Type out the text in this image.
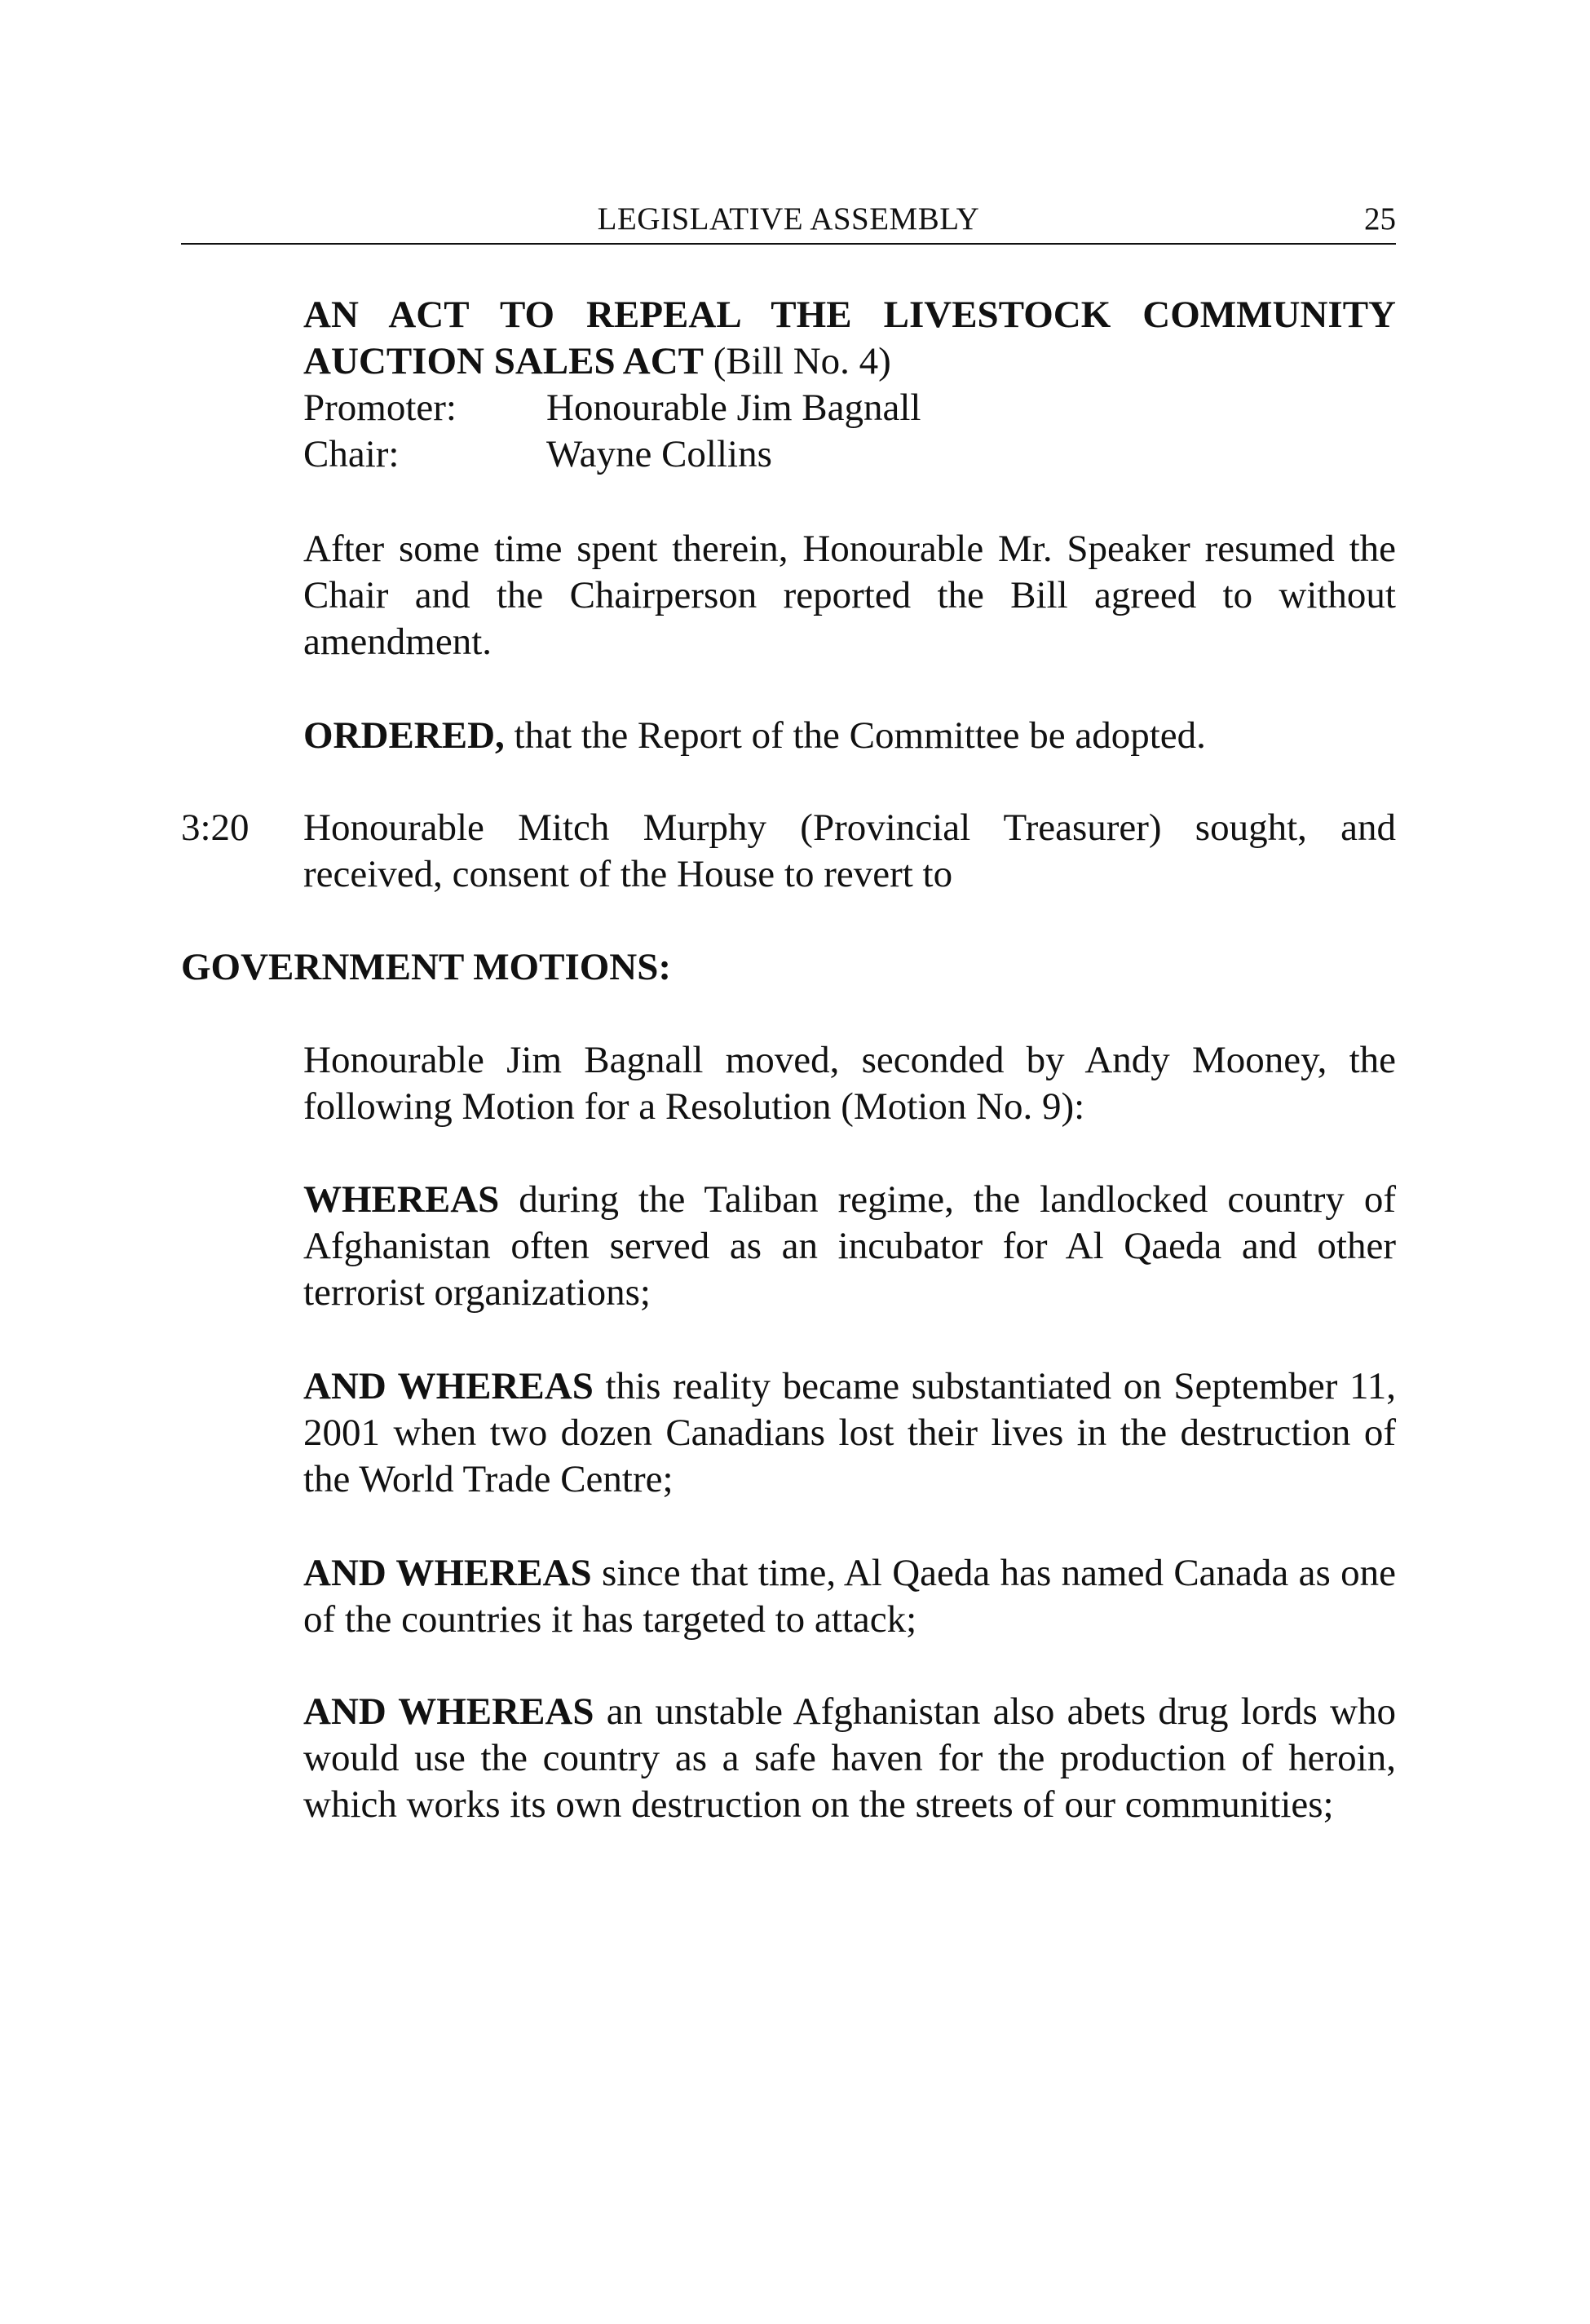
LEGISLATIVE ASSEMBLY	25

AN ACT TO REPEAL THE LIVESTOCK COMMUNITY

AUCTION SALES ACT (Bill No. 4)

Promoter: Honourable Jim Bagnall
Chair:	Wayne Collins

After some time spent therein, Honourable Mr. Speaker resumed the Chair and the Chairperson reported the Bill agreed to without amendment.

ORDERED, that the Report of the Committee be adopted.

3:20 Honourable Mitch Murphy (Provincial Treasurer) sought, and received, consent of the House to revert to

GOVERNMENT MOTIONS:

Honourable Jim Bagnall moved, seconded by Andy Mooney, the following Motion for a Resolution (Motion No. 9):

WHEREAS during the Taliban regime, the landlocked country of Afghanistan often served as an incubator for Al Qaeda and other terrorist organizations;

AND WHEREAS this reality became substantiated on September 11, 2001 when two dozen Canadians lost their lives in the destruction of the World Trade Centre;

AND WHEREAS since that time, Al Qaeda has named Canada as one of the countries it has targeted to attack;

AND WHEREAS an unstable Afghanistan also abets drug lords who would use the country as a safe haven for the production of heroin, which works its own destruction on the streets of our communities;
